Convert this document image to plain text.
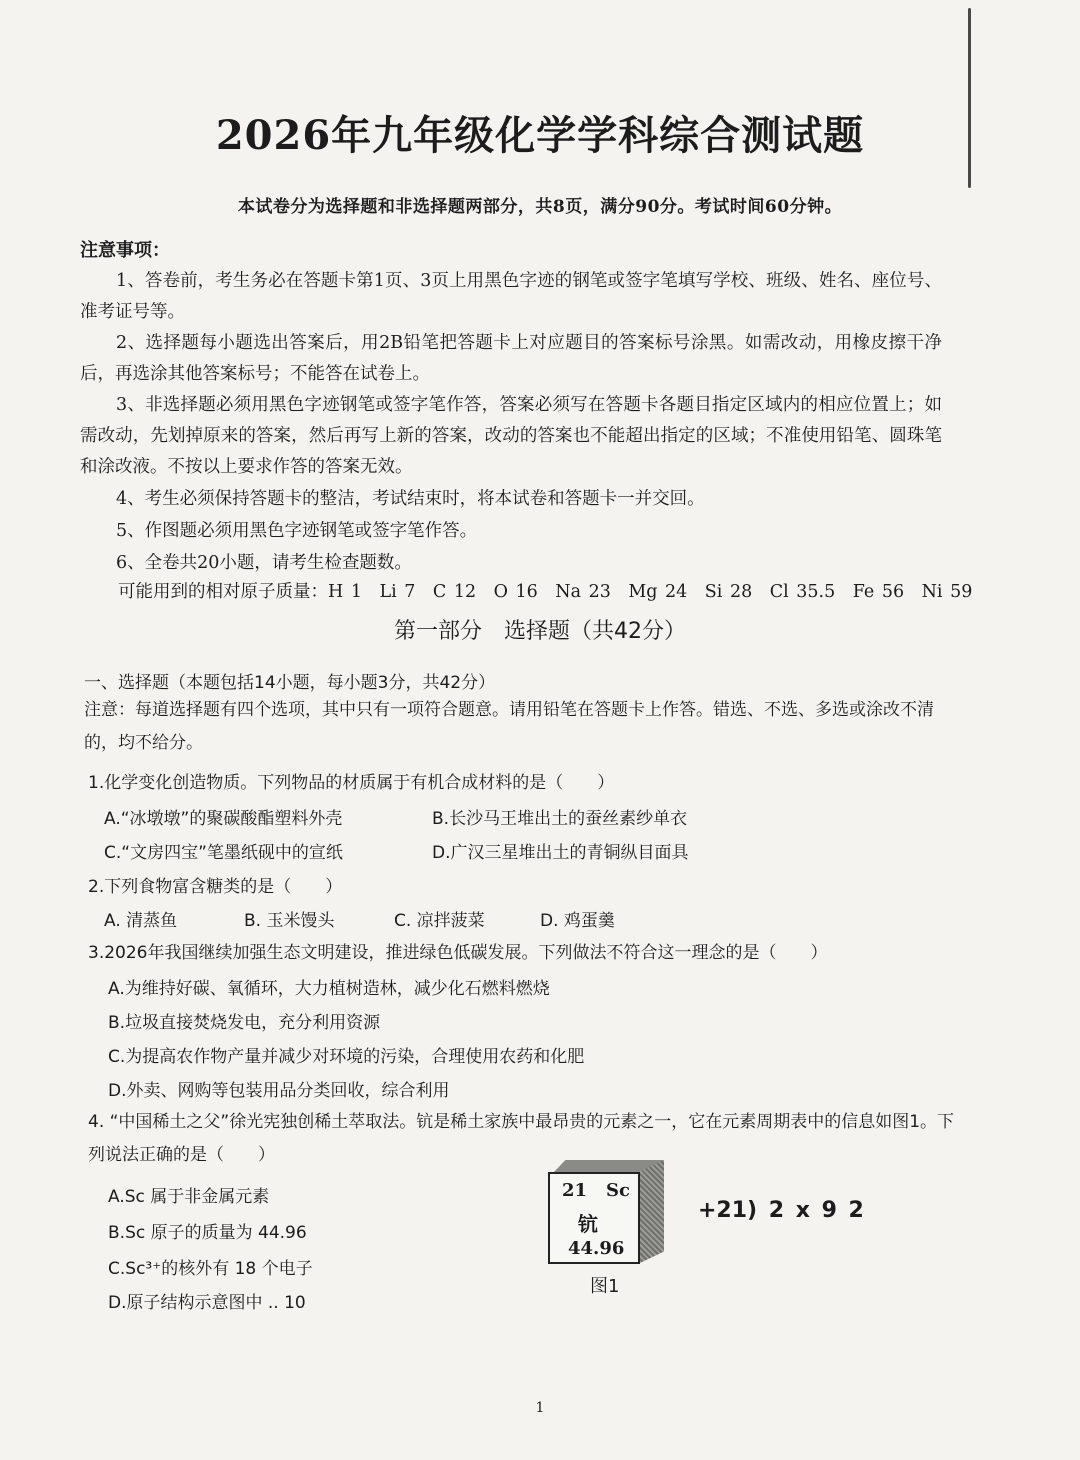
2026年九年级化学学科综合测试题
本试卷分为选择题和非选择题两部分，共8页，满分90分。考试时间60分钟。
注意事项：
1、答卷前，考生务必在答题卡第1页、3页上用黑色字迹的钢笔或签字笔填写学校、班级、姓名、座位号、准考证号等。
2、选择题每小题选出答案后，用2B铅笔把答题卡上对应题目的答案标号涂黑。如需改动，用橡皮擦干净后，再选涂其他答案标号；不能答在试卷上。
3、非选择题必须用黑色字迹钢笔或签字笔作答，答案必须写在答题卡各题目指定区域内的相应位置上；如需改动，先划掉原来的答案，然后再写上新的答案，改动的答案也不能超出指定的区域；不准使用铅笔、圆珠笔和涂改液。不按以上要求作答的答案无效。
4、考生必须保持答题卡的整洁，考试结束时，将本试卷和答题卡一并交回。
5、作图题必须用黑色字迹钢笔或签字笔作答。
6、全卷共20小题，请考生检查题数。
可能用到的相对原子质量：H 1　Li 7　C 12　O 16　Na 23　Mg 24　Si 28　Cl 35.5　Fe 56　Ni 59
第一部分　选择题（共42分）
一、选择题（本题包括14小题，每小题3分，共42分）
注意：每道选择题有四个选项，其中只有一项符合题意。请用铅笔在答题卡上作答。错选、不选、多选或涂改不清的，均不给分。
1.化学变化创造物质。下列物品的材质属于有机合成材料的是（　　）
A.“冰墩墩”的聚碳酸酯塑料外壳	B.长沙马王堆出土的蚕丝素纱单衣
C.“文房四宝”笔墨纸砚中的宣纸	D.广汉三星堆出土的青铜纵目面具
2.下列食物富含糖类的是（　　）
A. 清蒸鱼	B. 玉米馒头	C. 凉拌菠菜	D. 鸡蛋羹
3.2026年我国继续加强生态文明建设，推进绿色低碳发展。下列做法不符合这一理念的是（　　）
A.为维持好碳、氧循环，大力植树造林，减少化石燃料燃烧
B.垃圾直接焚烧发电，充分利用资源
C.为提高农作物产量并减少对环境的污染，合理使用农药和化肥
D.外卖、网购等包装用品分类回收，综合利用
4. “中国稀土之父”徐光宪独创稀土萃取法。钪是稀土家族中最昂贵的元素之一，它在元素周期表中的信息如图1。下列说法正确的是（　　）
A.Sc 属于非金属元素
B.Sc 原子的质量为 44.96
C.Sc³⁺的核外有 18 个电子
D.原子结构示意图中 .. 10
21 Sc
钪
44.96
图1
+21) 2 x 9 2
1
